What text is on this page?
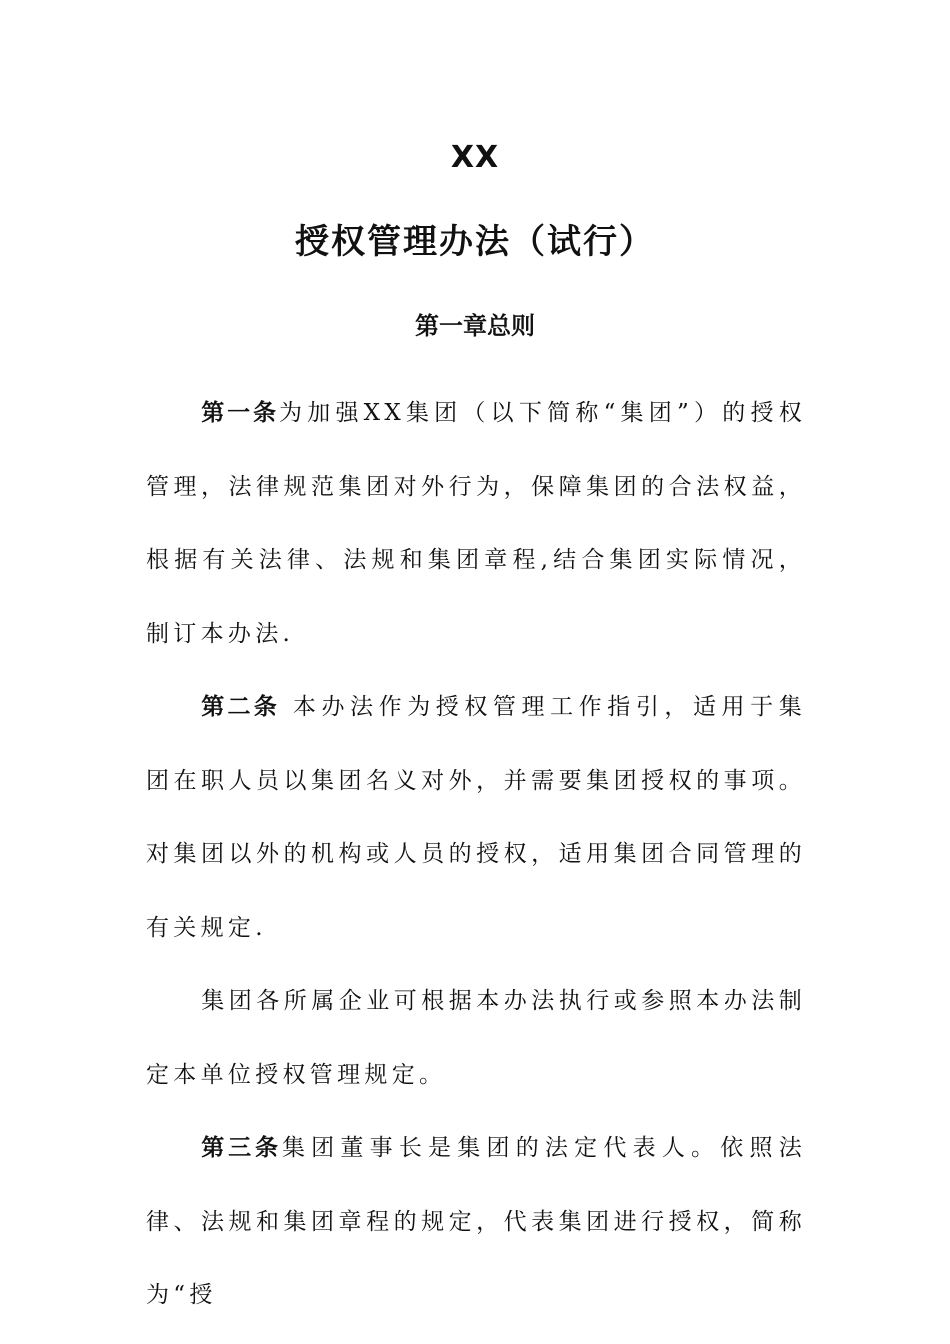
XX
授权管理办法（试行）
第一章总则

第一条为加强XX集团（以下简称“集团”）的授权管理，法律规范集团对外行为，保障集团的合法权益，根据有关法律、法规和集团章程,结合集团实际情况，制订本办法.

第二条 本办法作为授权管理工作指引，适用于集团在职人员以集团名义对外，并需要集团授权的事项。对集团以外的机构或人员的授权，适用集团合同管理的有关规定.

集团各所属企业可根据本办法执行或参照本办法制定本单位授权管理规定。

第三条集团董事长是集团的法定代表人。依照法律、法规和集团章程的规定，代表集团进行授权，简称为“授
